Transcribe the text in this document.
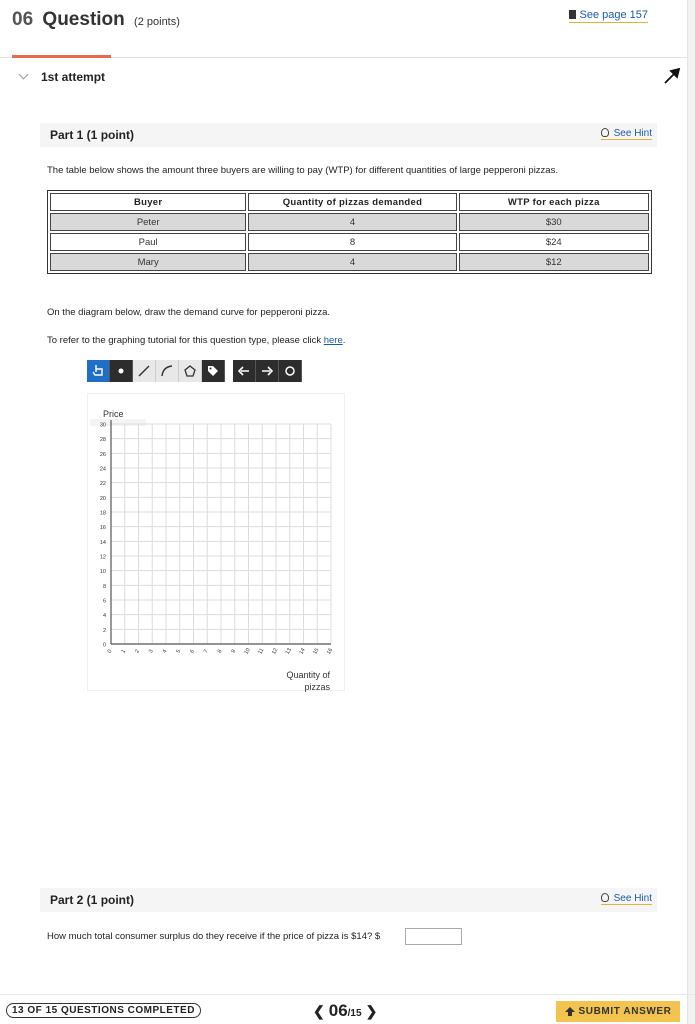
06 Question (2 points)
See page 157
1st attempt
Part 1 (1 point)	See Hint
The table below shows the amount three buyers are willing to pay (WTP) for different quantities of large pepperoni pizzas.
Buyer	Quantity of pizzas demanded	WTP for each pizza
Peter	4	$30
Paul	8	$24
Mary	4	$12
On the diagram below, draw the demand curve for pepperoni pizza.
To refer to the graphing tutorial for this question type, please click here.
Price
0
2
4
6
8
10
12
14
16
18
20
22
24
26
28
30
0 1 2 3 4 5 6 7 8 9 10 11 12 13 14 15 16
Quantity of
pizzas
Part 2 (1 point)	See Hint
How much total consumer surplus do they receive if the price of pizza is $14? $
13 OF 15 QUESTIONS COMPLETED	❮ 06/15 ❯	SUBMIT ANSWER
